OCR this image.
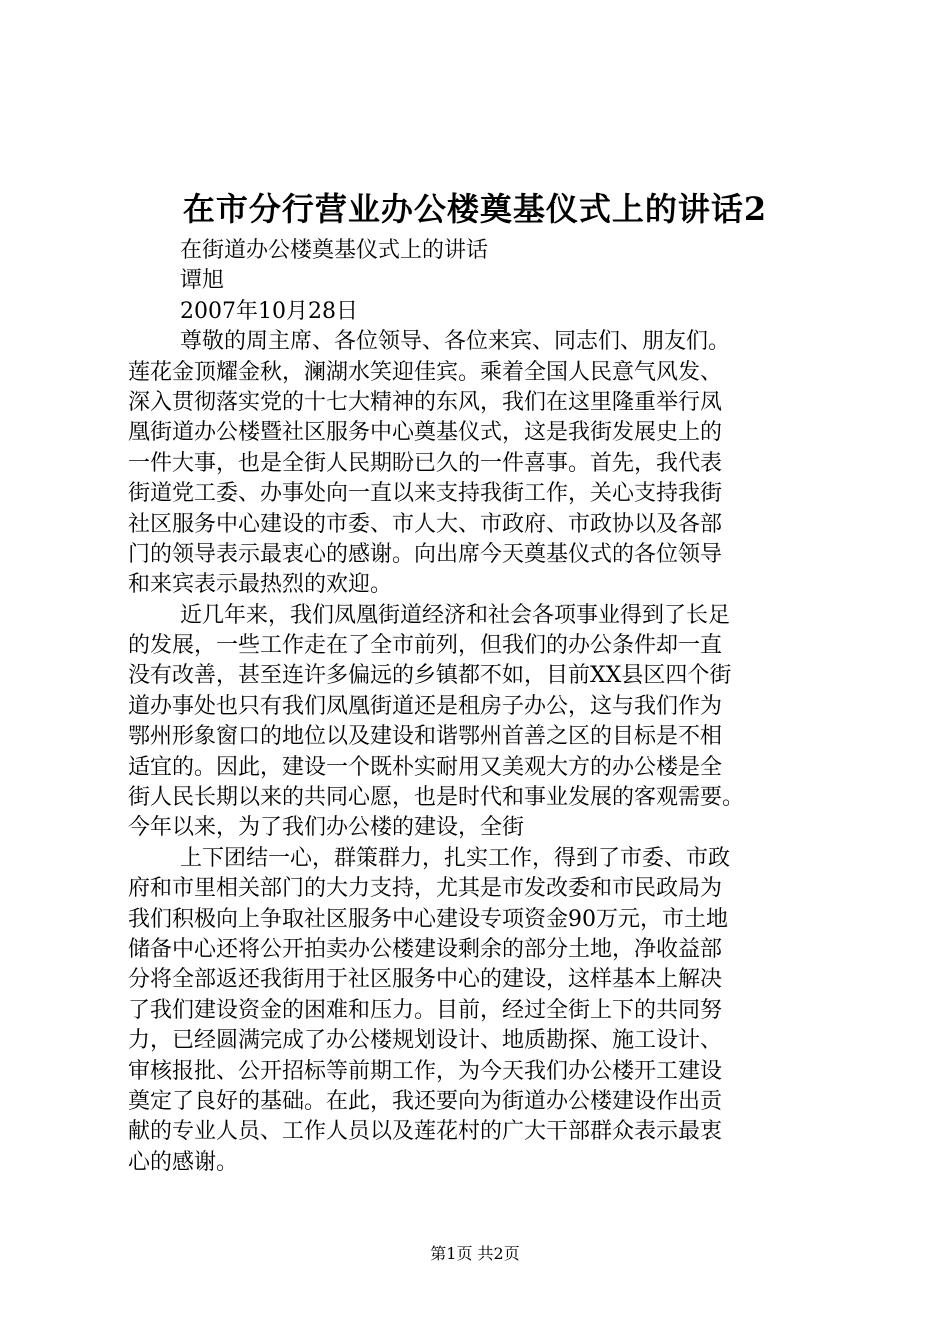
在市分行营业办公楼奠基仪式上的讲话2
在街道办公楼奠基仪式上的讲话
谭旭
2007年10月28日
尊敬的周主席、各位领导、各位来宾、同志们、朋友们。
莲花金顶耀金秋，澜湖水笑迎佳宾。乘着全国人民意气风发、
深入贯彻落实党的十七大精神的东风，我们在这里隆重举行凤
凰街道办公楼暨社区服务中心奠基仪式，这是我街发展史上的
一件大事，也是全街人民期盼已久的一件喜事。首先，我代表
街道党工委、办事处向一直以来支持我街工作，关心支持我街
社区服务中心建设的市委、市人大、市政府、市政协以及各部
门的领导表示最衷心的感谢。向出席今天奠基仪式的各位领导
和来宾表示最热烈的欢迎。
近几年来，我们凤凰街道经济和社会各项事业得到了长足
的发展，一些工作走在了全市前列，但我们的办公条件却一直
没有改善，甚至连许多偏远的乡镇都不如，目前XX县区四个街
道办事处也只有我们凤凰街道还是租房子办公，这与我们作为
鄂州形象窗口的地位以及建设和谐鄂州首善之区的目标是不相
适宜的。因此，建设一个既朴实耐用又美观大方的办公楼是全
街人民长期以来的共同心愿，也是时代和事业发展的客观需要。
今年以来，为了我们办公楼的建设，全街
上下团结一心，群策群力，扎实工作，得到了市委、市政
府和市里相关部门的大力支持，尤其是市发改委和市民政局为
我们积极向上争取社区服务中心建设专项资金90万元，市土地
储备中心还将公开拍卖办公楼建设剩余的部分土地，净收益部
分将全部返还我街用于社区服务中心的建设，这样基本上解决
了我们建设资金的困难和压力。目前，经过全街上下的共同努
力，已经圆满完成了办公楼规划设计、地质勘探、施工设计、
审核报批、公开招标等前期工作，为今天我们办公楼开工建设
奠定了良好的基础。在此，我还要向为街道办公楼建设作出贡
献的专业人员、工作人员以及莲花村的广大干部群众表示最衷
心的感谢。
第1页 共2页
